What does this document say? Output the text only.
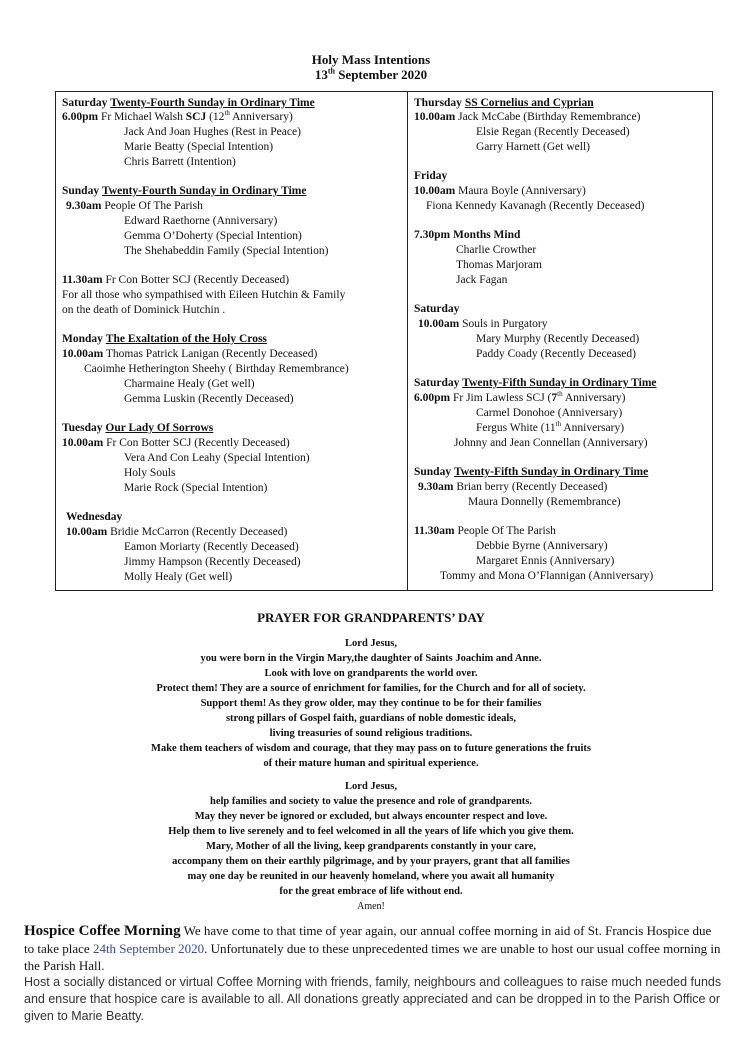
Holy Mass Intentions
13th September 2020
Saturday Twenty-Fourth Sunday in Ordinary Time
6.00pm Fr Michael Walsh SCJ (12th Anniversary)
Jack And Joan Hughes (Rest in Peace)
Marie Beatty (Special Intention)
Chris Barrett (Intention)
Sunday Twenty-Fourth Sunday in Ordinary Time
9.30am People Of The Parish
Edward Raethorne (Anniversary)
Gemma O’Doherty (Special Intention)
The Shehabeddin Family (Special Intention)
11.30am Fr Con Botter SCJ (Recently Deceased)
For all those who sympathised with Eileen Hutchin & Family
on the death of Dominick Hutchin .
Monday The Exaltation of the Holy Cross
10.00am Thomas Patrick Lanigan (Recently Deceased)
Caoimhe Hetherington Sheehy ( Birthday Remembrance)
Charmaine Healy (Get well)
Gemma Luskin (Recently Deceased)
Tuesday Our Lady Of Sorrows
10.00am Fr Con Botter SCJ (Recently Deceased)
Vera And Con Leahy (Special Intention)
Holy Souls
Marie Rock (Special Intention)
Wednesday
10.00am Bridie McCarron (Recently Deceased)
Eamon Moriarty (Recently Deceased)
Jimmy Hampson (Recently Deceased)
Molly Healy (Get well)
Thursday SS Cornelius and Cyprian
10.00am Jack McCabe (Birthday Remembrance)
Elsie Regan (Recently Deceased)
Garry Harnett (Get well)
Friday
10.00am Maura Boyle (Anniversary)
Fiona Kennedy Kavanagh (Recently Deceased)
7.30pm Months Mind
Charlie Crowther
Thomas Marjoram
Jack Fagan
Saturday
10.00am Souls in Purgatory
Mary Murphy (Recently Deceased)
Paddy Coady (Recently Deceased)
Saturday Twenty-Fifth Sunday in Ordinary Time
6.00pm Fr Jim Lawless SCJ (7th Anniversary)
Carmel Donohoe (Anniversary)
Fergus White (11th Anniversary)
Johnny and Jean Connellan (Anniversary)
Sunday Twenty-Fifth Sunday in Ordinary Time
9.30am Brian berry (Recently Deceased)
Maura Donnelly (Remembrance)
11.30am People Of The Parish
Debbie Byrne (Anniversary)
Margaret Ennis (Anniversary)
Tommy and Mona O’Flannigan (Anniversary)
PRAYER FOR GRANDPARENTS’ DAY
Lord Jesus,
you were born in the Virgin Mary,the daughter of Saints Joachim and Anne.
Look with love on grandparents the world over.
Protect them! They are a source of enrichment for families, for the Church and for all of society.
Support them! As they grow older, may they continue to be for their families
strong pillars of Gospel faith, guardians of noble domestic ideals,
living treasuries of sound religious traditions.
Make them teachers of wisdom and courage, that they may pass on to future generations the fruits
of their mature human and spiritual experience.
Lord Jesus,
help families and society to value the presence and role of grandparents.
May they never be ignored or excluded, but always encounter respect and love.
Help them to live serenely and to feel welcomed in all the years of life which you give them.
Mary, Mother of all the living, keep grandparents constantly in your care,
accompany them on their earthly pilgrimage, and by your prayers, grant that all families
may one day be reunited in our heavenly homeland, where you await all humanity
for the great embrace of life without end.
Amen!

Hospice Coffee Morning We have come to that time of year again, our annual coffee morning in aid of St. Francis Hospice due to take place 24th September 2020. Unfortunately due to these unprecedented times we are unable to host our usual coffee morning in the Parish Hall.

Host a socially distanced or virtual Coffee Morning with friends, family, neighbours and colleagues to raise much needed funds and ensure that hospice care is available to all. All donations greatly appreciated and can be dropped in to the Parish Office or given to Marie Beatty.
